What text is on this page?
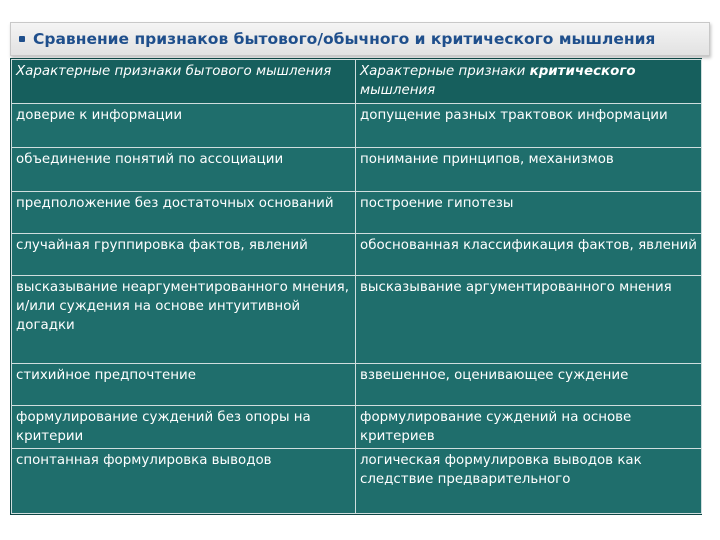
Сравнение признаков бытового/обычного и критического мышления
Характерные признаки бытового мышления	Характерные признаки критического мышления
доверие к информации	допущение разных трактовок информации
объединение понятий по ассоциации	понимание принципов, механизмов
предположение без достаточных оснований	построение гипотезы
случайная группировка фактов, явлений	обоснованная классификация фактов, явлений
высказывание неаргументированного мнения, и/или суждения на основе интуитивной догадки	высказывание аргументированного мнения
стихийное предпочтение	взвешенное, оценивающее суждение
формулирование суждений без опоры на критерии	формулирование суждений на основе критериев
спонтанная формулировка выводов	логическая формулировка выводов как следствие предварительного
